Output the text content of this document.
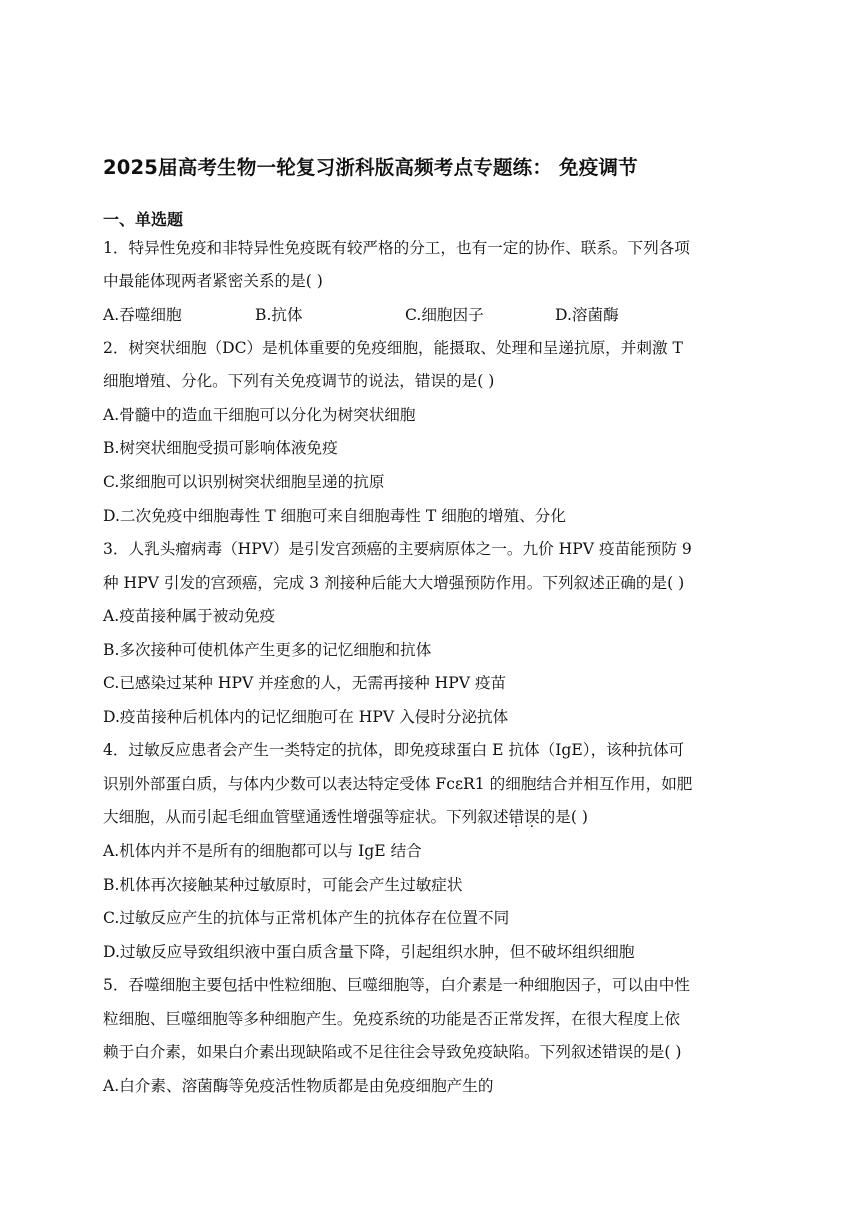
2025届高考生物一轮复习浙科版高频考点专题练： 免疫调节
一、单选题
1．特异性免疫和非特异性免疫既有较严格的分工，也有一定的协作、联系。下列各项
中最能体现两者紧密关系的是( )
A.吞噬细胞	B.抗体	C.细胞因子	D.溶菌酶
2．树突状细胞（DC）是机体重要的免疫细胞，能摄取、处理和呈递抗原，并刺激 T
细胞增殖、分化。下列有关免疫调节的说法，错误的是( )
A.骨髓中的造血干细胞可以分化为树突状细胞
B.树突状细胞受损可影响体液免疫
C.浆细胞可以识别树突状细胞呈递的抗原
D.二次免疫中细胞毒性 T 细胞可来自细胞毒性 T 细胞的增殖、分化
3．人乳头瘤病毒（HPV）是引发宫颈癌的主要病原体之一。九价 HPV 疫苗能预防 9
种 HPV 引发的宫颈癌，完成 3 剂接种后能大大增强预防作用。下列叙述正确的是( )
A.疫苗接种属于被动免疫
B.多次接种可使机体产生更多的记忆细胞和抗体
C.已感染过某种 HPV 并痊愈的人，无需再接种 HPV 疫苗
D.疫苗接种后机体内的记忆细胞可在 HPV 入侵时分泌抗体
4．过敏反应患者会产生一类特定的抗体，即免疫球蛋白 E 抗体（IgE），该种抗体可
识别外部蛋白质，与体内少数可以表达特定受体 FcεR1 的细胞结合并相互作用，如肥
大细胞，从而引起毛细血管壁通透性增强等症状。下列叙述错误的是( )
A.机体内并不是所有的细胞都可以与 IgE 结合
B.机体再次接触某种过敏原时，可能会产生过敏症状
C.过敏反应产生的抗体与正常机体产生的抗体存在位置不同
D.过敏反应导致组织液中蛋白质含量下降，引起组织水肿，但不破坏组织细胞
5．吞噬细胞主要包括中性粒细胞、巨噬细胞等，白介素是一种细胞因子，可以由中性
粒细胞、巨噬细胞等多种细胞产生。免疫系统的功能是否正常发挥，在很大程度上依
赖于白介素，如果白介素出现缺陷或不足往往会导致免疫缺陷。下列叙述错误的是( )
A.白介素、溶菌酶等免疫活性物质都是由免疫细胞产生的
